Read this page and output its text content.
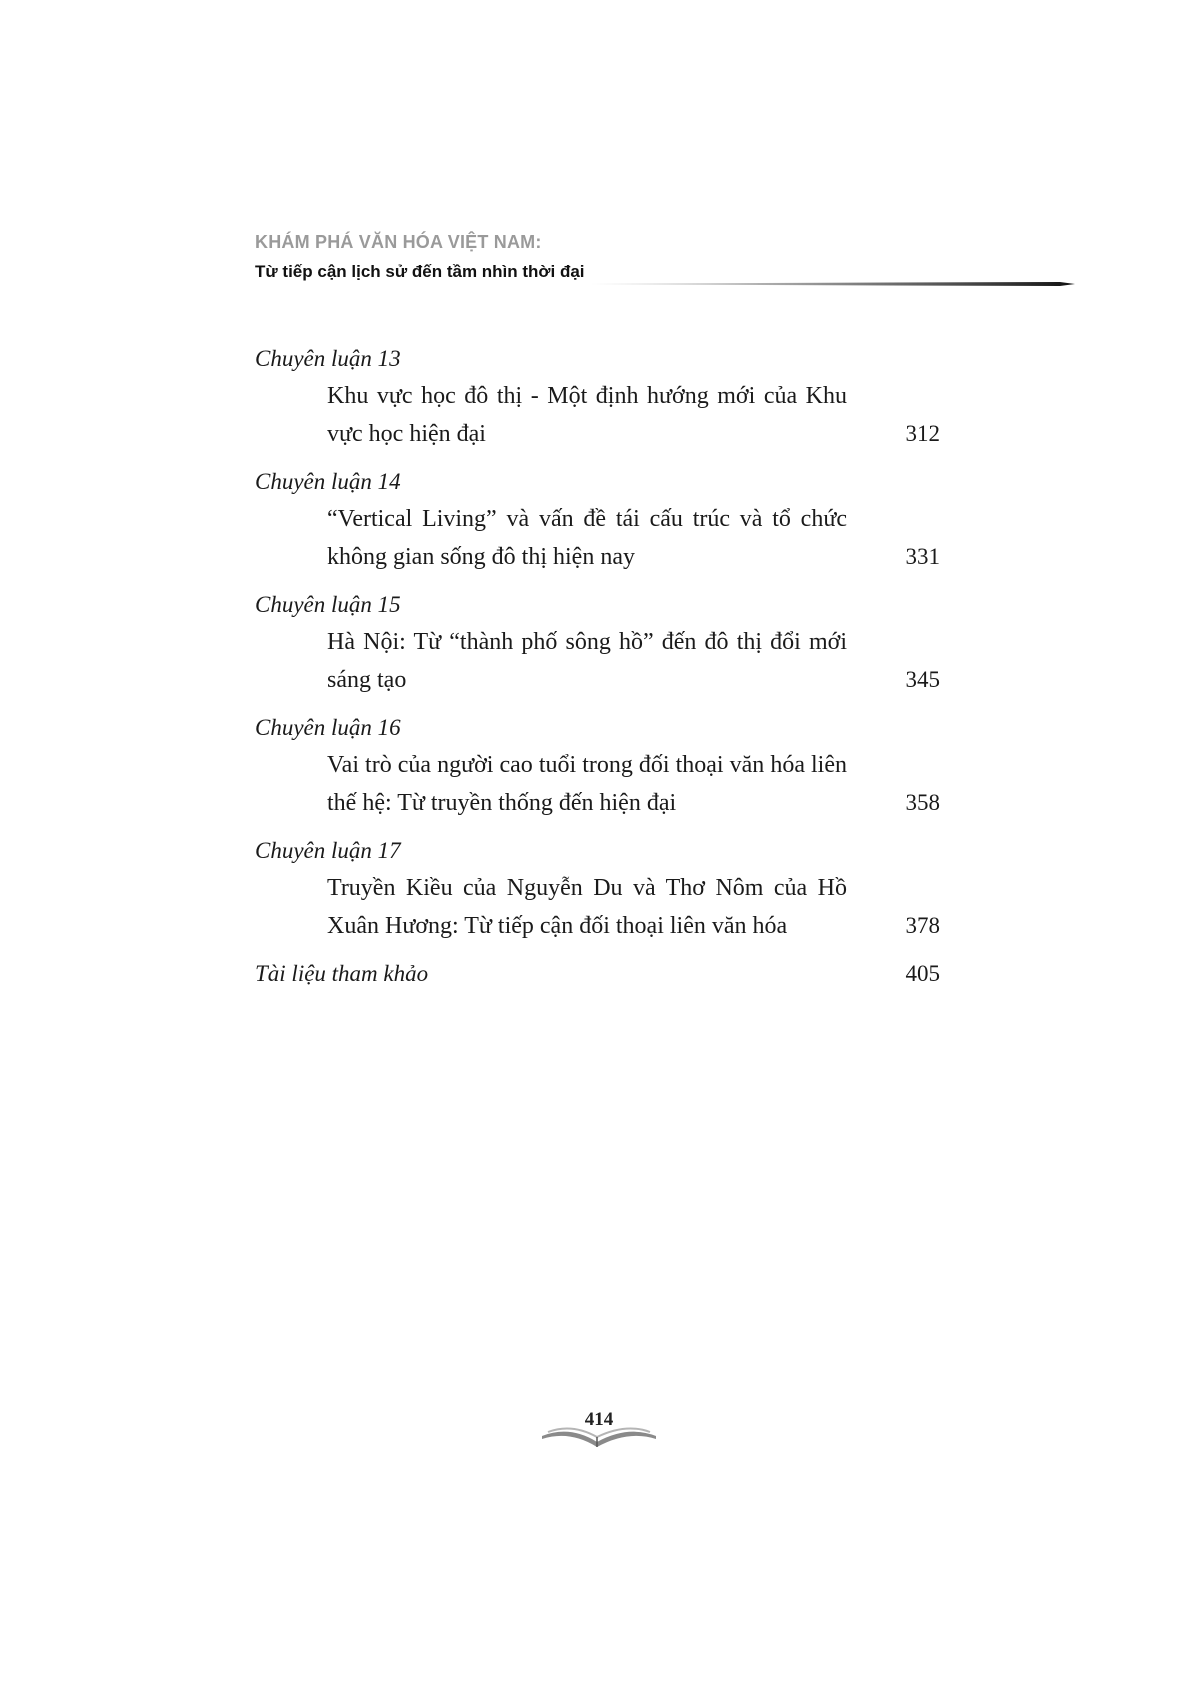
KHÁM PHÁ VĂN HÓA VIỆT NAM:
Từ tiếp cận lịch sử đến tầm nhìn thời đại
Chuyên luận 13
Khu vực học đô thị - Một định hướng mới của Khu vực học hiện đại	312
Chuyên luận 14
“Vertical Living” và vấn đề tái cấu trúc và tổ chức không gian sống đô thị hiện nay	331
Chuyên luận 15
Hà Nội: Từ “thành phố sông hồ” đến đô thị đổi mới sáng tạo	345
Chuyên luận 16
Vai trò của người cao tuổi trong đối thoại văn hóa liên thế hệ: Từ truyền thống đến hiện đại	358
Chuyên luận 17
Truyền Kiều của Nguyễn Du và Thơ Nôm của Hồ Xuân Hương: Từ tiếp cận đối thoại liên văn hóa	378
Tài liệu tham khảo	405
414
